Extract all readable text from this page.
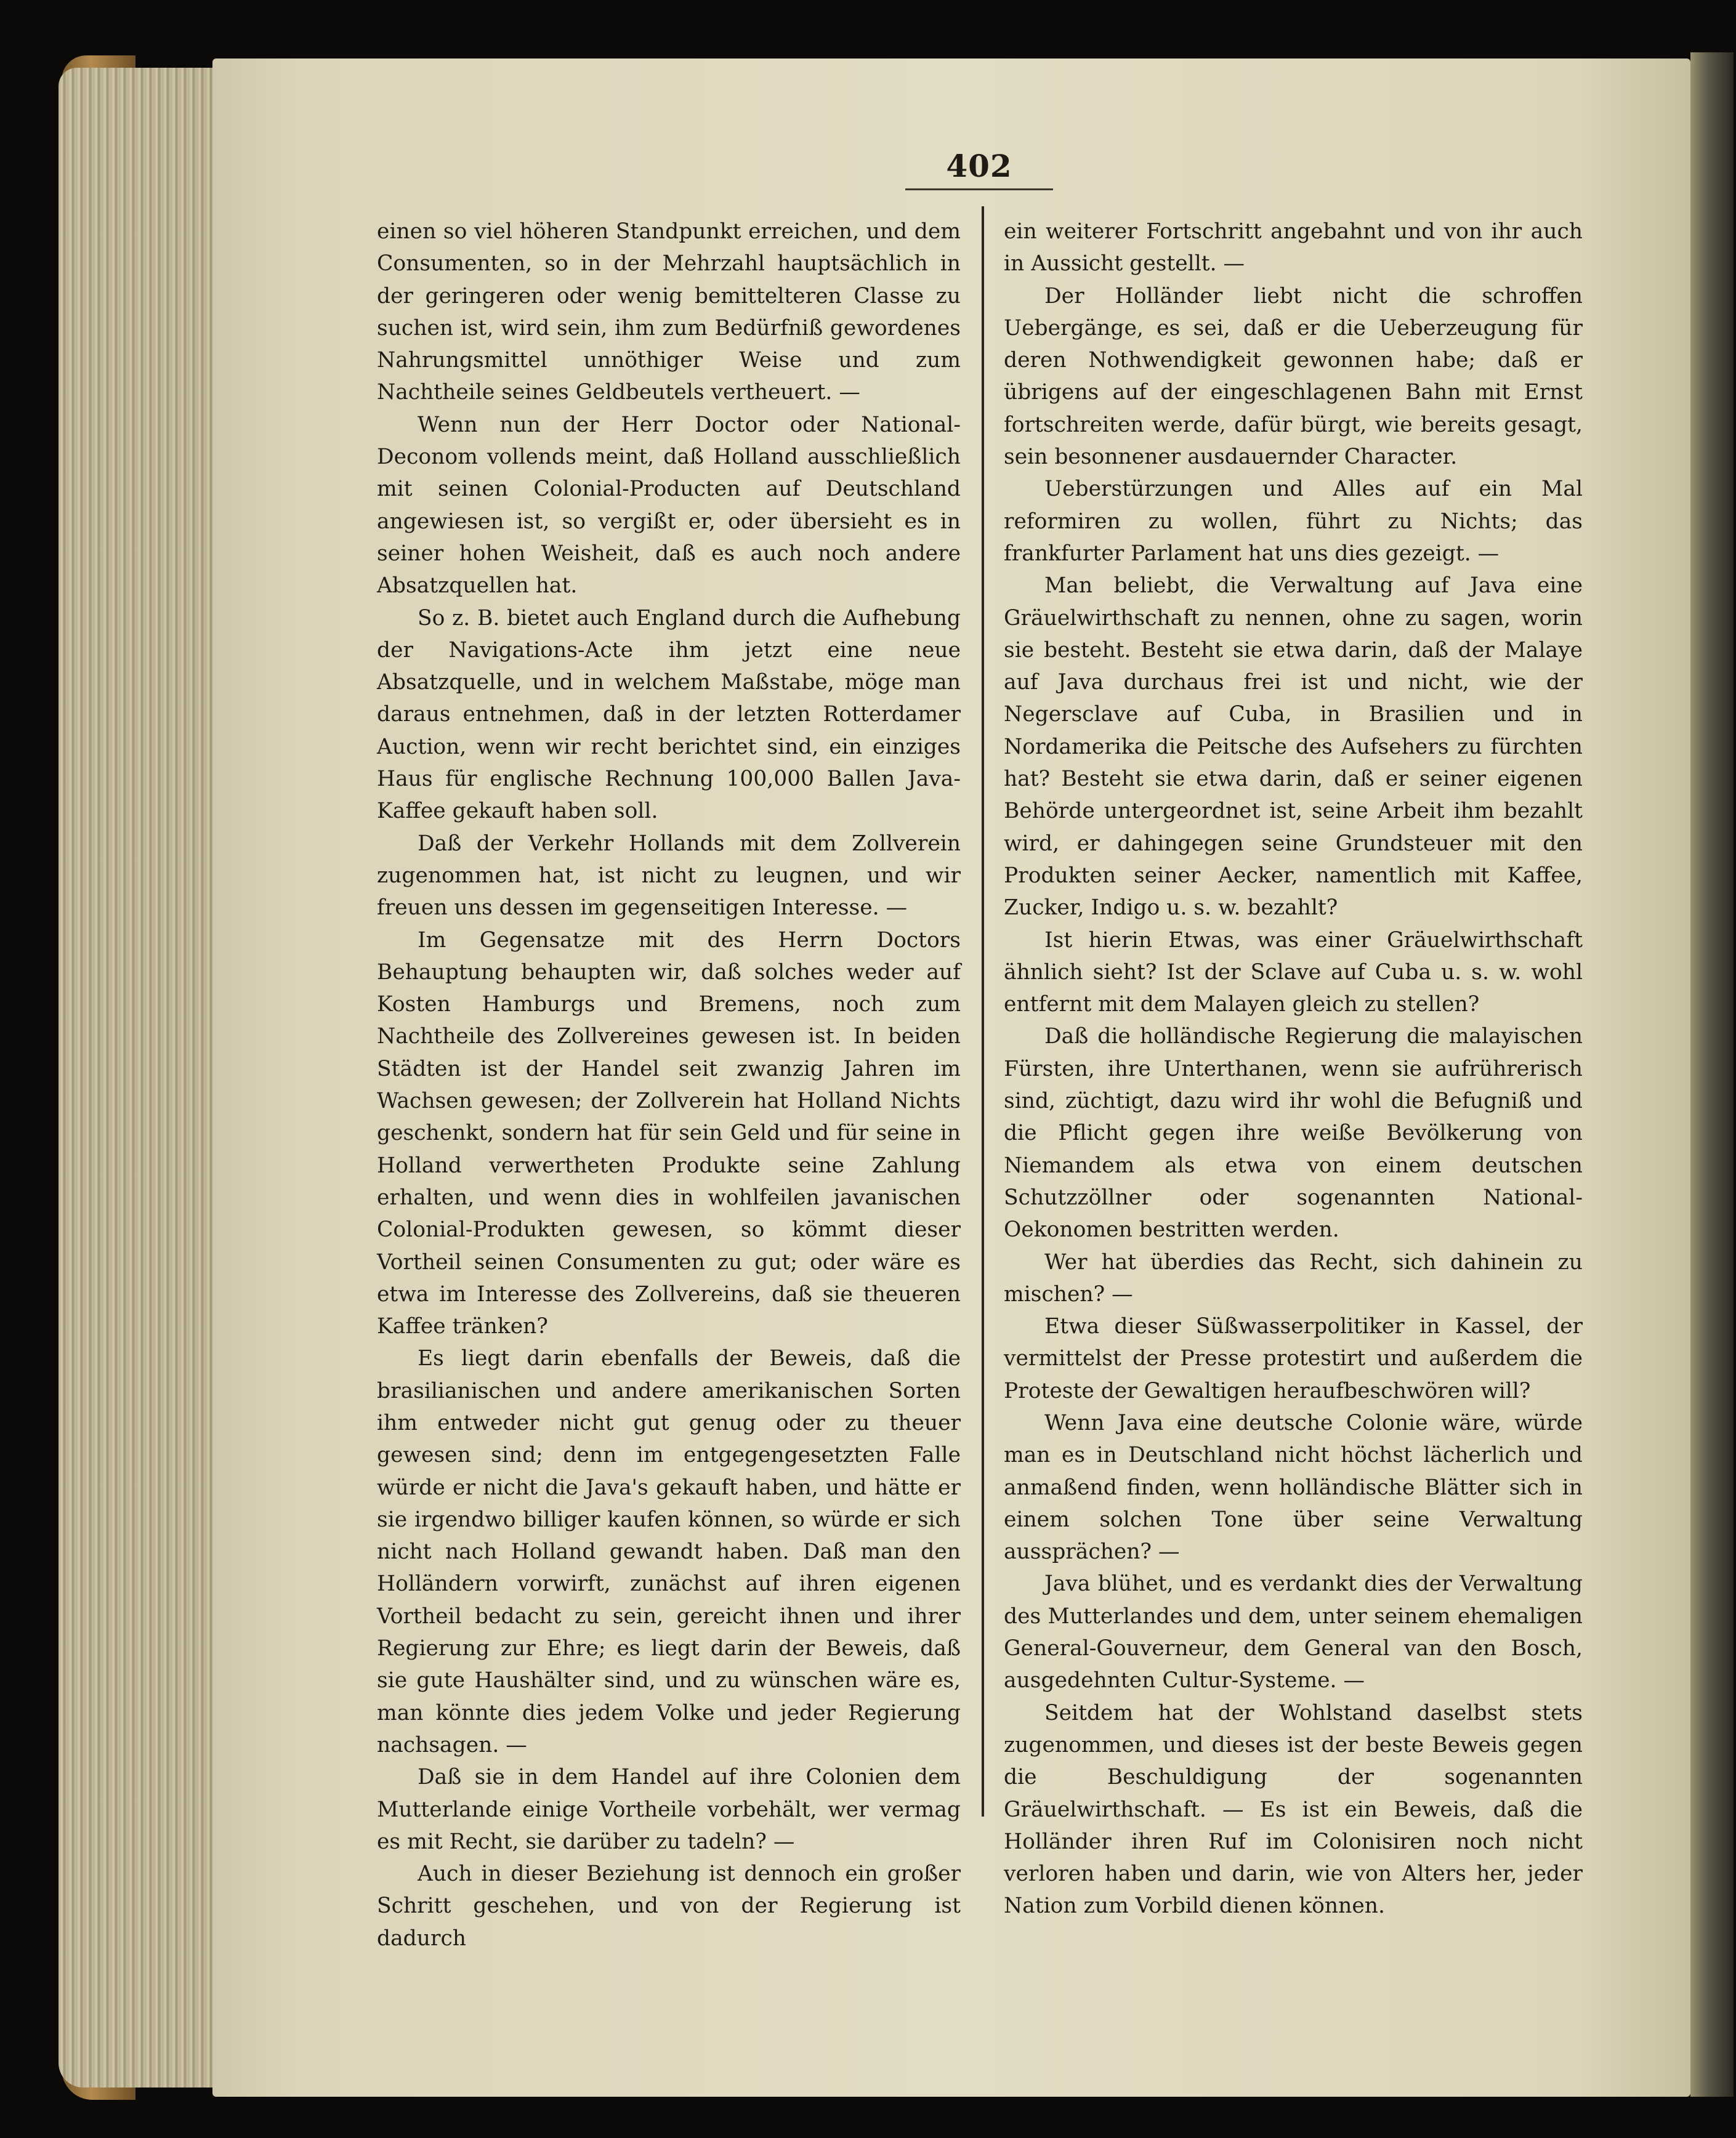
402

einen so viel höheren Standpunkt erreichen, und dem Consumenten, so in der Mehrzahl hauptsächlich in der geringeren oder wenig bemittelteren Classe zu suchen ist, wird sein, ihm zum Bedürfniß gewordenes Nahrungsmittel unnöthiger Weise und zum Nachtheile seines Geldbeutels vertheuert. —

Wenn nun der Herr Doctor oder National-Deconom vollends meint, daß Holland ausschließlich mit seinen Colonial-Producten auf Deutschland angewiesen ist, so vergißt er, oder übersieht es in seiner hohen Weisheit, daß es auch noch andere Absatzquellen hat.

So z. B. bietet auch England durch die Aufhebung der Navigations-Acte ihm jetzt eine neue Absatzquelle, und in welchem Maßstabe, möge man daraus entnehmen, daß in der letzten Rotterdamer Auction, wenn wir recht berichtet sind, ein einziges Haus für englische Rechnung 100,000 Ballen Java-Kaffee gekauft haben soll.

Daß der Verkehr Hollands mit dem Zollverein zugenommen hat, ist nicht zu leugnen, und wir freuen uns dessen im gegenseitigen Interesse. —

Im Gegensatze mit des Herrn Doctors Behauptung behaupten wir, daß solches weder auf Kosten Hamburgs und Bremens, noch zum Nachtheile des Zollvereines gewesen ist. In beiden Städten ist der Handel seit zwanzig Jahren im Wachsen gewesen; der Zollverein hat Holland Nichts geschenkt, sondern hat für sein Geld und für seine in Holland verwertheten Produkte seine Zahlung erhalten, und wenn dies in wohlfeilen javanischen Colonial-Produkten gewesen, so kömmt dieser Vortheil seinen Consumenten zu gut; oder wäre es etwa im Interesse des Zollvereins, daß sie theueren Kaffee tränken?

Es liegt darin ebenfalls der Beweis, daß die brasilianischen und andere amerikanischen Sorten ihm entweder nicht gut genug oder zu theuer gewesen sind; denn im entgegengesetzten Falle würde er nicht die Java's gekauft haben, und hätte er sie irgendwo billiger kaufen können, so würde er sich nicht nach Holland gewandt haben. Daß man den Holländern vorwirft, zunächst auf ihren eigenen Vortheil bedacht zu sein, gereicht ihnen und ihrer Regierung zur Ehre; es liegt darin der Beweis, daß sie gute Haushälter sind, und zu wünschen wäre es, man könnte dies jedem Volke und jeder Regierung nachsagen. —

Daß sie in dem Handel auf ihre Colonien dem Mutterlande einige Vortheile vorbehält, wer vermag es mit Recht, sie darüber zu tadeln? —

Auch in dieser Beziehung ist dennoch ein großer Schritt geschehen, und von der Regierung ist dadurch

ein weiterer Fortschritt angebahnt und von ihr auch in Aussicht gestellt. —

Der Holländer liebt nicht die schroffen Uebergänge, es sei, daß er die Ueberzeugung für deren Nothwendigkeit gewonnen habe; daß er übrigens auf der eingeschlagenen Bahn mit Ernst fortschreiten werde, dafür bürgt, wie bereits gesagt, sein besonnener ausdauernder Character.

Ueberstürzungen und Alles auf ein Mal reformiren zu wollen, führt zu Nichts; das frankfurter Parlament hat uns dies gezeigt. —

Man beliebt, die Verwaltung auf Java eine Gräuelwirthschaft zu nennen, ohne zu sagen, worin sie besteht. Besteht sie etwa darin, daß der Malaye auf Java durchaus frei ist und nicht, wie der Negersclave auf Cuba, in Brasilien und in Nordamerika die Peitsche des Aufsehers zu fürchten hat? Besteht sie etwa darin, daß er seiner eigenen Behörde untergeordnet ist, seine Arbeit ihm bezahlt wird, er dahingegen seine Grundsteuer mit den Produkten seiner Aecker, namentlich mit Kaffee, Zucker, Indigo u. s. w. bezahlt?

Ist hierin Etwas, was einer Gräuelwirthschaft ähnlich sieht? Ist der Sclave auf Cuba u. s. w. wohl entfernt mit dem Malayen gleich zu stellen?

Daß die holländische Regierung die malayischen Fürsten, ihre Unterthanen, wenn sie aufrührerisch sind, züchtigt, dazu wird ihr wohl die Befugniß und die Pflicht gegen ihre weiße Bevölkerung von Niemandem als etwa von einem deutschen Schutzzöllner oder sogenannten National-Oekonomen bestritten werden.

Wer hat überdies das Recht, sich dahinein zu mischen? —

Etwa dieser Süßwasserpolitiker in Kassel, der vermittelst der Presse protestirt und außerdem die Proteste der Gewaltigen heraufbeschwören will?

Wenn Java eine deutsche Colonie wäre, würde man es in Deutschland nicht höchst lächerlich und anmaßend finden, wenn holländische Blätter sich in einem solchen Tone über seine Verwaltung aussprächen? —

Java blühet, und es verdankt dies der Verwaltung des Mutterlandes und dem, unter seinem ehemaligen General-Gouverneur, dem General van den Bosch, ausgedehnten Cultur-Systeme. —

Seitdem hat der Wohlstand daselbst stets zugenommen, und dieses ist der beste Beweis gegen die Beschuldigung der sogenannten Gräuelwirthschaft. — Es ist ein Beweis, daß die Holländer ihren Ruf im Colonisiren noch nicht verloren haben und darin, wie von Alters her, jeder Nation zum Vorbild dienen können.
